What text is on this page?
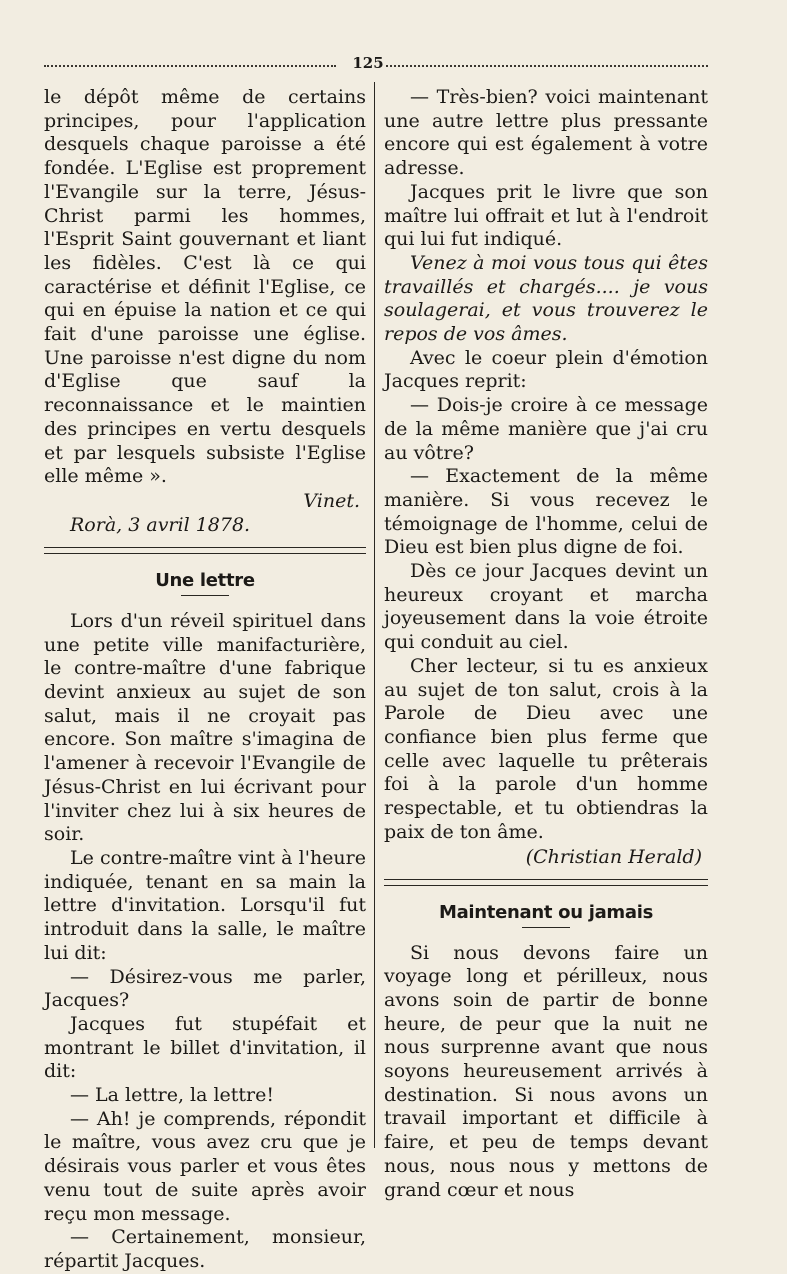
125

le dépôt même de certains principes, pour l'application desquels chaque paroisse a été fondée. L'Eglise est proprement l'Evangile sur la terre, Jésus-Christ parmi les hommes, l'Esprit Saint gouvernant et liant les fidèles. C'est là ce qui caractérise et définit l'Eglise, ce qui en épuise la nation et ce qui fait d'une paroisse une église. Une paroisse n'est digne du nom d'Eglise que sauf la reconnaissance et le maintien des principes en vertu desquels et par lesquels subsiste l'Eglise elle même ».

Vinet.
Rorà, 3 avril 1878.
Une lettre

Lors d'un réveil spirituel dans une petite ville manifacturière, le contre-maître d'une fabrique devint anxieux au sujet de son salut, mais il ne croyait pas encore. Son maître s'imagina de l'amener à recevoir l'Evangile de Jésus-Christ en lui écrivant pour l'inviter chez lui à six heures de soir.

Le contre-maître vint à l'heure indiquée, tenant en sa main la lettre d'invitation. Lorsqu'il fut introduit dans la salle, le maître lui dit:

— Désirez-vous me parler, Jacques?

Jacques fut stupéfait et montrant le billet d'invitation, il dit:

— La lettre, la lettre!

— Ah! je comprends, répondit le maître, vous avez cru que je désirais vous parler et vous êtes venu tout de suite après avoir reçu mon message.

— Certainement, monsieur, répartit Jacques.

— Très-bien? voici maintenant une autre lettre plus pressante encore qui est également à votre adresse.

Jacques prit le livre que son maître lui offrait et lut à l'endroit qui lui fut indiqué.

Venez à moi vous tous qui êtes travaillés et chargés.... je vous soulagerai, et vous trouverez le repos de vos âmes.

Avec le coeur plein d'émotion Jacques reprit:

— Dois-je croire à ce message de la même manière que j'ai cru au vôtre?

— Exactement de la même manière. Si vous recevez le témoignage de l'homme, celui de Dieu est bien plus digne de foi.

Dès ce jour Jacques devint un heureux croyant et marcha joyeusement dans la voie étroite qui conduit au ciel.

Cher lecteur, si tu es anxieux au sujet de ton salut, crois à la Parole de Dieu avec une confiance bien plus ferme que celle avec laquelle tu prêterais foi à la parole d'un homme respectable, et tu obtiendras la paix de ton âme.

(Christian Herald)
Maintenant ou jamais

Si nous devons faire un voyage long et périlleux, nous avons soin de partir de bonne heure, de peur que la nuit ne nous surprenne avant que nous soyons heureusement arrivés à destination. Si nous avons un travail important et difficile à faire, et peu de temps devant nous, nous nous y mettons de grand cœur et nous
